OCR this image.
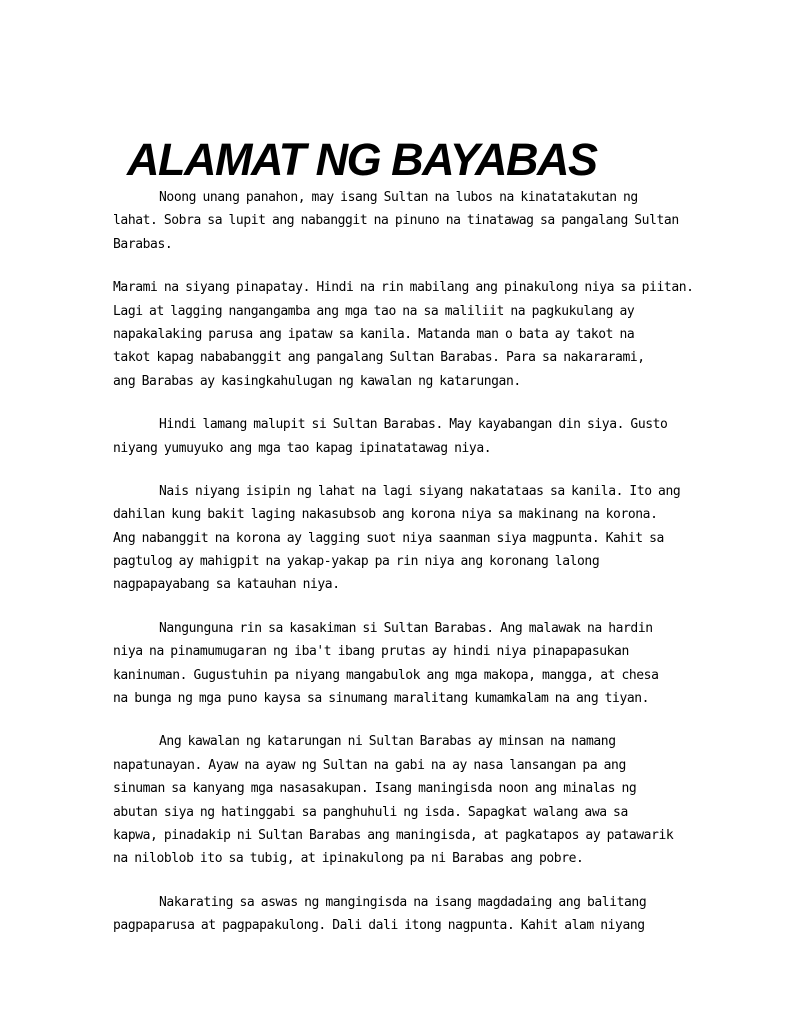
ALAMAT NG BAYABAS

Noong unang panahon, may isang Sultan na lubos na kinatatakutan ng
lahat. Sobra sa lupit ang nabanggit na pinuno na tinatawag sa pangalang Sultan
Barabas.

Marami na siyang pinapatay. Hindi na rin mabilang ang pinakulong niya sa piitan.
Lagi at lagging nangangamba ang mga tao na sa maliliit na pagkukulang ay
napakalaking parusa ang ipataw sa kanila. Matanda man o bata ay takot na
takot kapag nababanggit ang pangalang Sultan Barabas. Para sa nakararami,
ang Barabas ay kasingkahulugan ng kawalan ng katarungan.

Hindi lamang malupit si Sultan Barabas. May kayabangan din siya. Gusto
niyang yumuyuko ang mga tao kapag ipinatatawag niya.

Nais niyang isipin ng lahat na lagi siyang nakatataas sa kanila. Ito ang
dahilan kung bakit laging nakasubsob ang korona niya sa makinang na korona.
Ang nabanggit na korona ay lagging suot niya saanman siya magpunta. Kahit sa
pagtulog ay mahigpit na yakap-yakap pa rin niya ang koronang lalong
nagpapayabang sa katauhan niya.

Nangunguna rin sa kasakiman si Sultan Barabas. Ang malawak na hardin
niya na pinamumugaran ng iba't ibang prutas ay hindi niya pinapapasukan
kaninuman. Gugustuhin pa niyang mangabulok ang mga makopa, mangga, at chesa
na bunga ng mga puno kaysa sa sinumang maralitang kumamkalam na ang tiyan.

Ang kawalan ng katarungan ni Sultan Barabas ay minsan na namang
napatunayan. Ayaw na ayaw ng Sultan na gabi na ay nasa lansangan pa ang
sinuman sa kanyang mga nasasakupan. Isang maningisda noon ang minalas ng
abutan siya ng hatinggabi sa panghuhuli ng isda. Sapagkat walang awa sa
kapwa, pinadakip ni Sultan Barabas ang maningisda, at pagkatapos ay patawarik
na niloblob ito sa tubig, at ipinakulong pa ni Barabas ang pobre.

Nakarating sa aswas ng mangingisda na isang magdadaing ang balitang
pagpaparusa at pagpapakulong. Dali dali itong nagpunta. Kahit alam niyang
